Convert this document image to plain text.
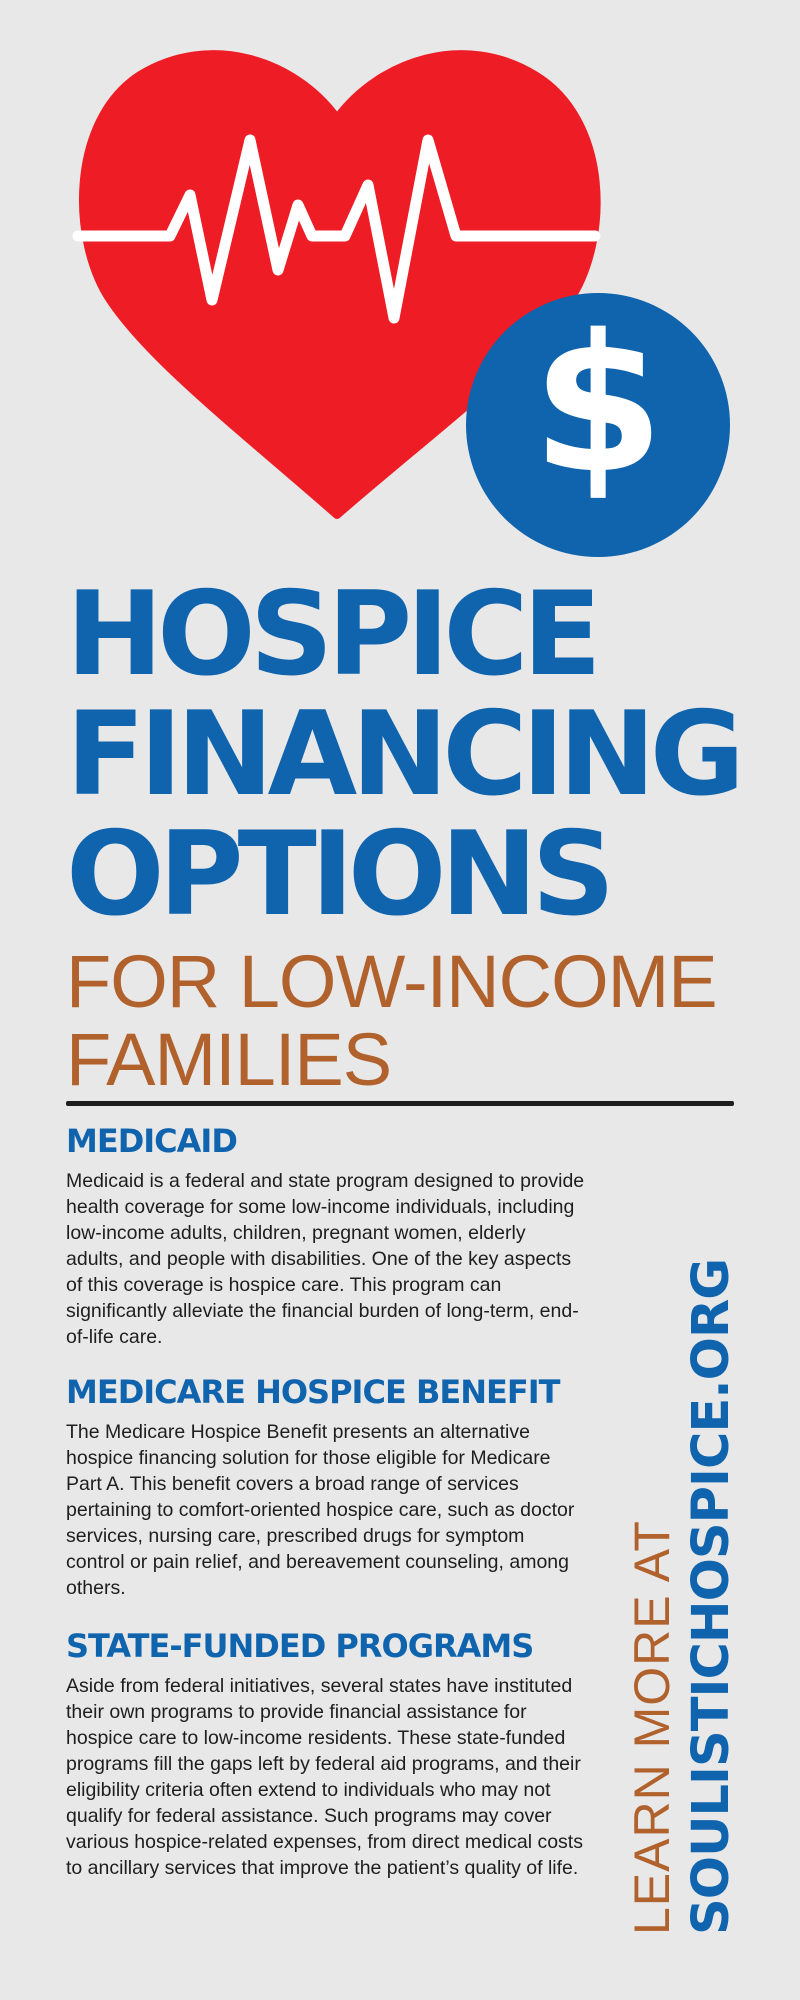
$
HOSPICE
FINANCING
OPTIONS
FOR LOW-INCOME
FAMILIES
MEDICAID

Medicaid is a federal and state program designed to provide health coverage for some low-income individuals, including low-income adults, children, pregnant women, elderly adults, and people with disabilities. One of the key aspects of this coverage is hospice care. This program can significantly alleviate the financial burden of long-term, end-of-life care.

MEDICARE HOSPICE BENEFIT

The Medicare Hospice Benefit presents an alternative hospice financing solution for those eligible for Medicare Part A. This benefit covers a broad range of services pertaining to comfort-oriented hospice care, such as doctor services, nursing care, prescribed drugs for symptom control or pain relief, and bereavement counseling, among others.

STATE-FUNDED PROGRAMS

Aside from federal initiatives, several states have instituted their own programs to provide financial assistance for hospice care to low-income residents. These state-funded programs fill the gaps left by federal aid programs, and their eligibility criteria often extend to individuals who may not qualify for federal assistance. Such programs may cover various hospice-related expenses, from direct medical costs to ancillary services that improve the patient’s quality of life. LEARN MORE AT SOULISTICHOSPICE.ORG
